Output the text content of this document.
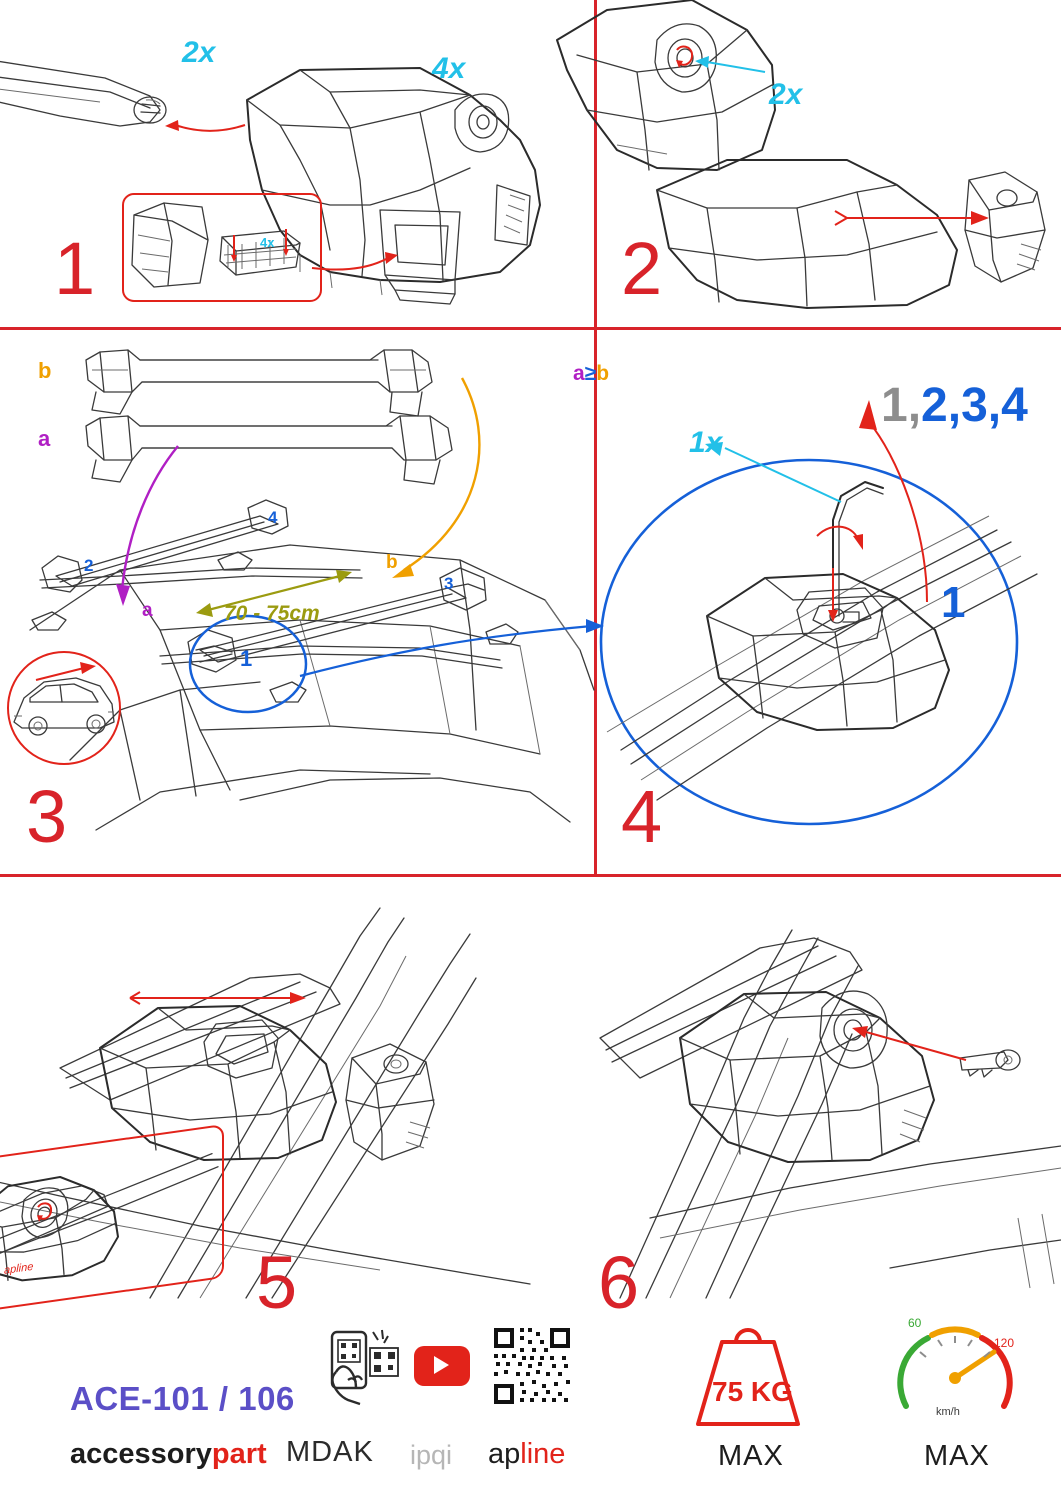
4x
2x	4x
1
2x
2
b
a
a
b
2
4
3
1
70 - 75cm
3
a≥b
1x
1,2,3,4
1
4
apline	5	6
ACE-101 / 106
accessorypart MDAK ipqi apline
75 KG
MAX
60
120
km/h
MAX
